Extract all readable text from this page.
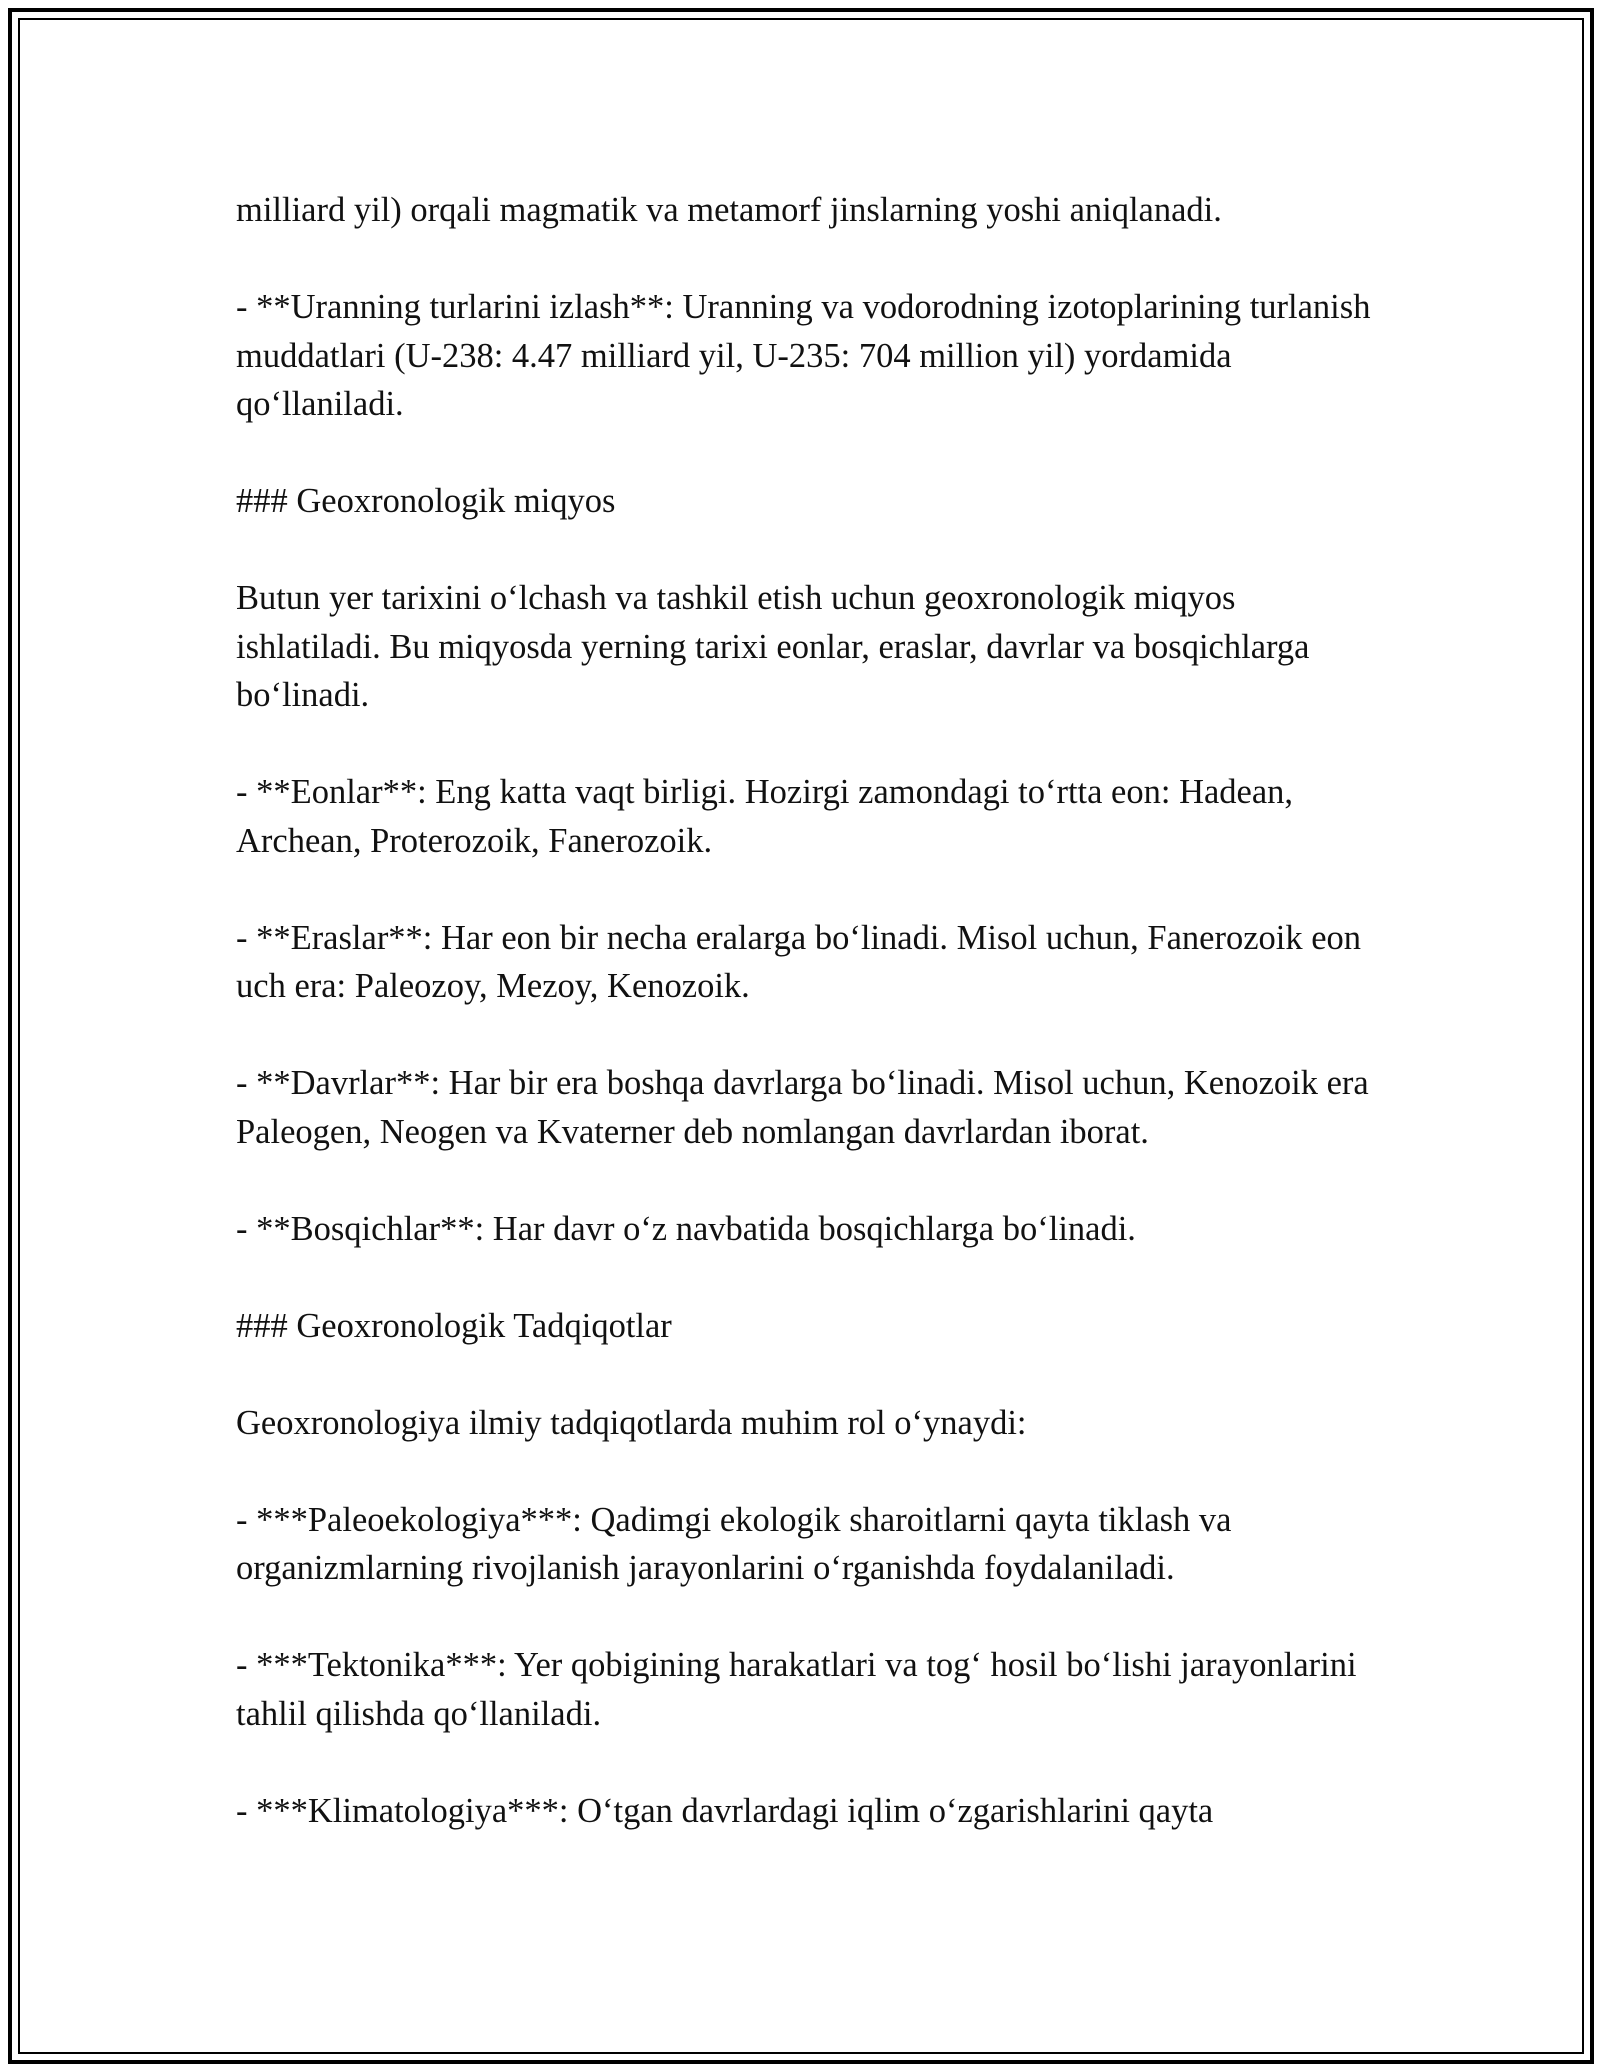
milliard yil) orqali magmatik va metamorf jinslarning yoshi aniqlanadi.

- **Uranning turlarini izlash**: Uranning va vodorodning izotoplarining turlanish muddatlari (U-238: 4.47 milliard yil, U-235: 704 million yil) yordamida qo‘llaniladi.

### Geoxronologik miqyos

Butun yer tarixini o‘lchash va tashkil etish uchun geoxronologik miqyos ishlatiladi. Bu miqyosda yerning tarixi eonlar, eraslar, davrlar va bosqichlarga bo‘linadi.

- **Eonlar**: Eng katta vaqt birligi. Hozirgi zamondagi to‘rtta eon: Hadean, Archean, Proterozoik, Fanerozoik.

- **Eraslar**: Har eon bir necha eralarga bo‘linadi. Misol uchun, Fanerozoik eon uch era: Paleozoy, Mezoy, Kenozoik.

- **Davrlar**: Har bir era boshqa davrlarga bo‘linadi. Misol uchun, Kenozoik era Paleogen, Neogen va Kvaterner deb nomlangan davrlardan iborat.

- **Bosqichlar**: Har davr o‘z navbatida bosqichlarga bo‘linadi.

### Geoxronologik Tadqiqotlar

Geoxronologiya ilmiy tadqiqotlarda muhim rol o‘ynaydi:

- ***Paleoekologiya***: Qadimgi ekologik sharoitlarni qayta tiklash va organizmlarning rivojlanish jarayonlarini o‘rganishda foydalaniladi.

- ***Tektonika***: Yer qobigining harakatlari va tog‘ hosil bo‘lishi jarayonlarini tahlil qilishda qo‘llaniladi.

- ***Klimatologiya***: O‘tgan davrlardagi iqlim o‘zgarishlarini qayta
